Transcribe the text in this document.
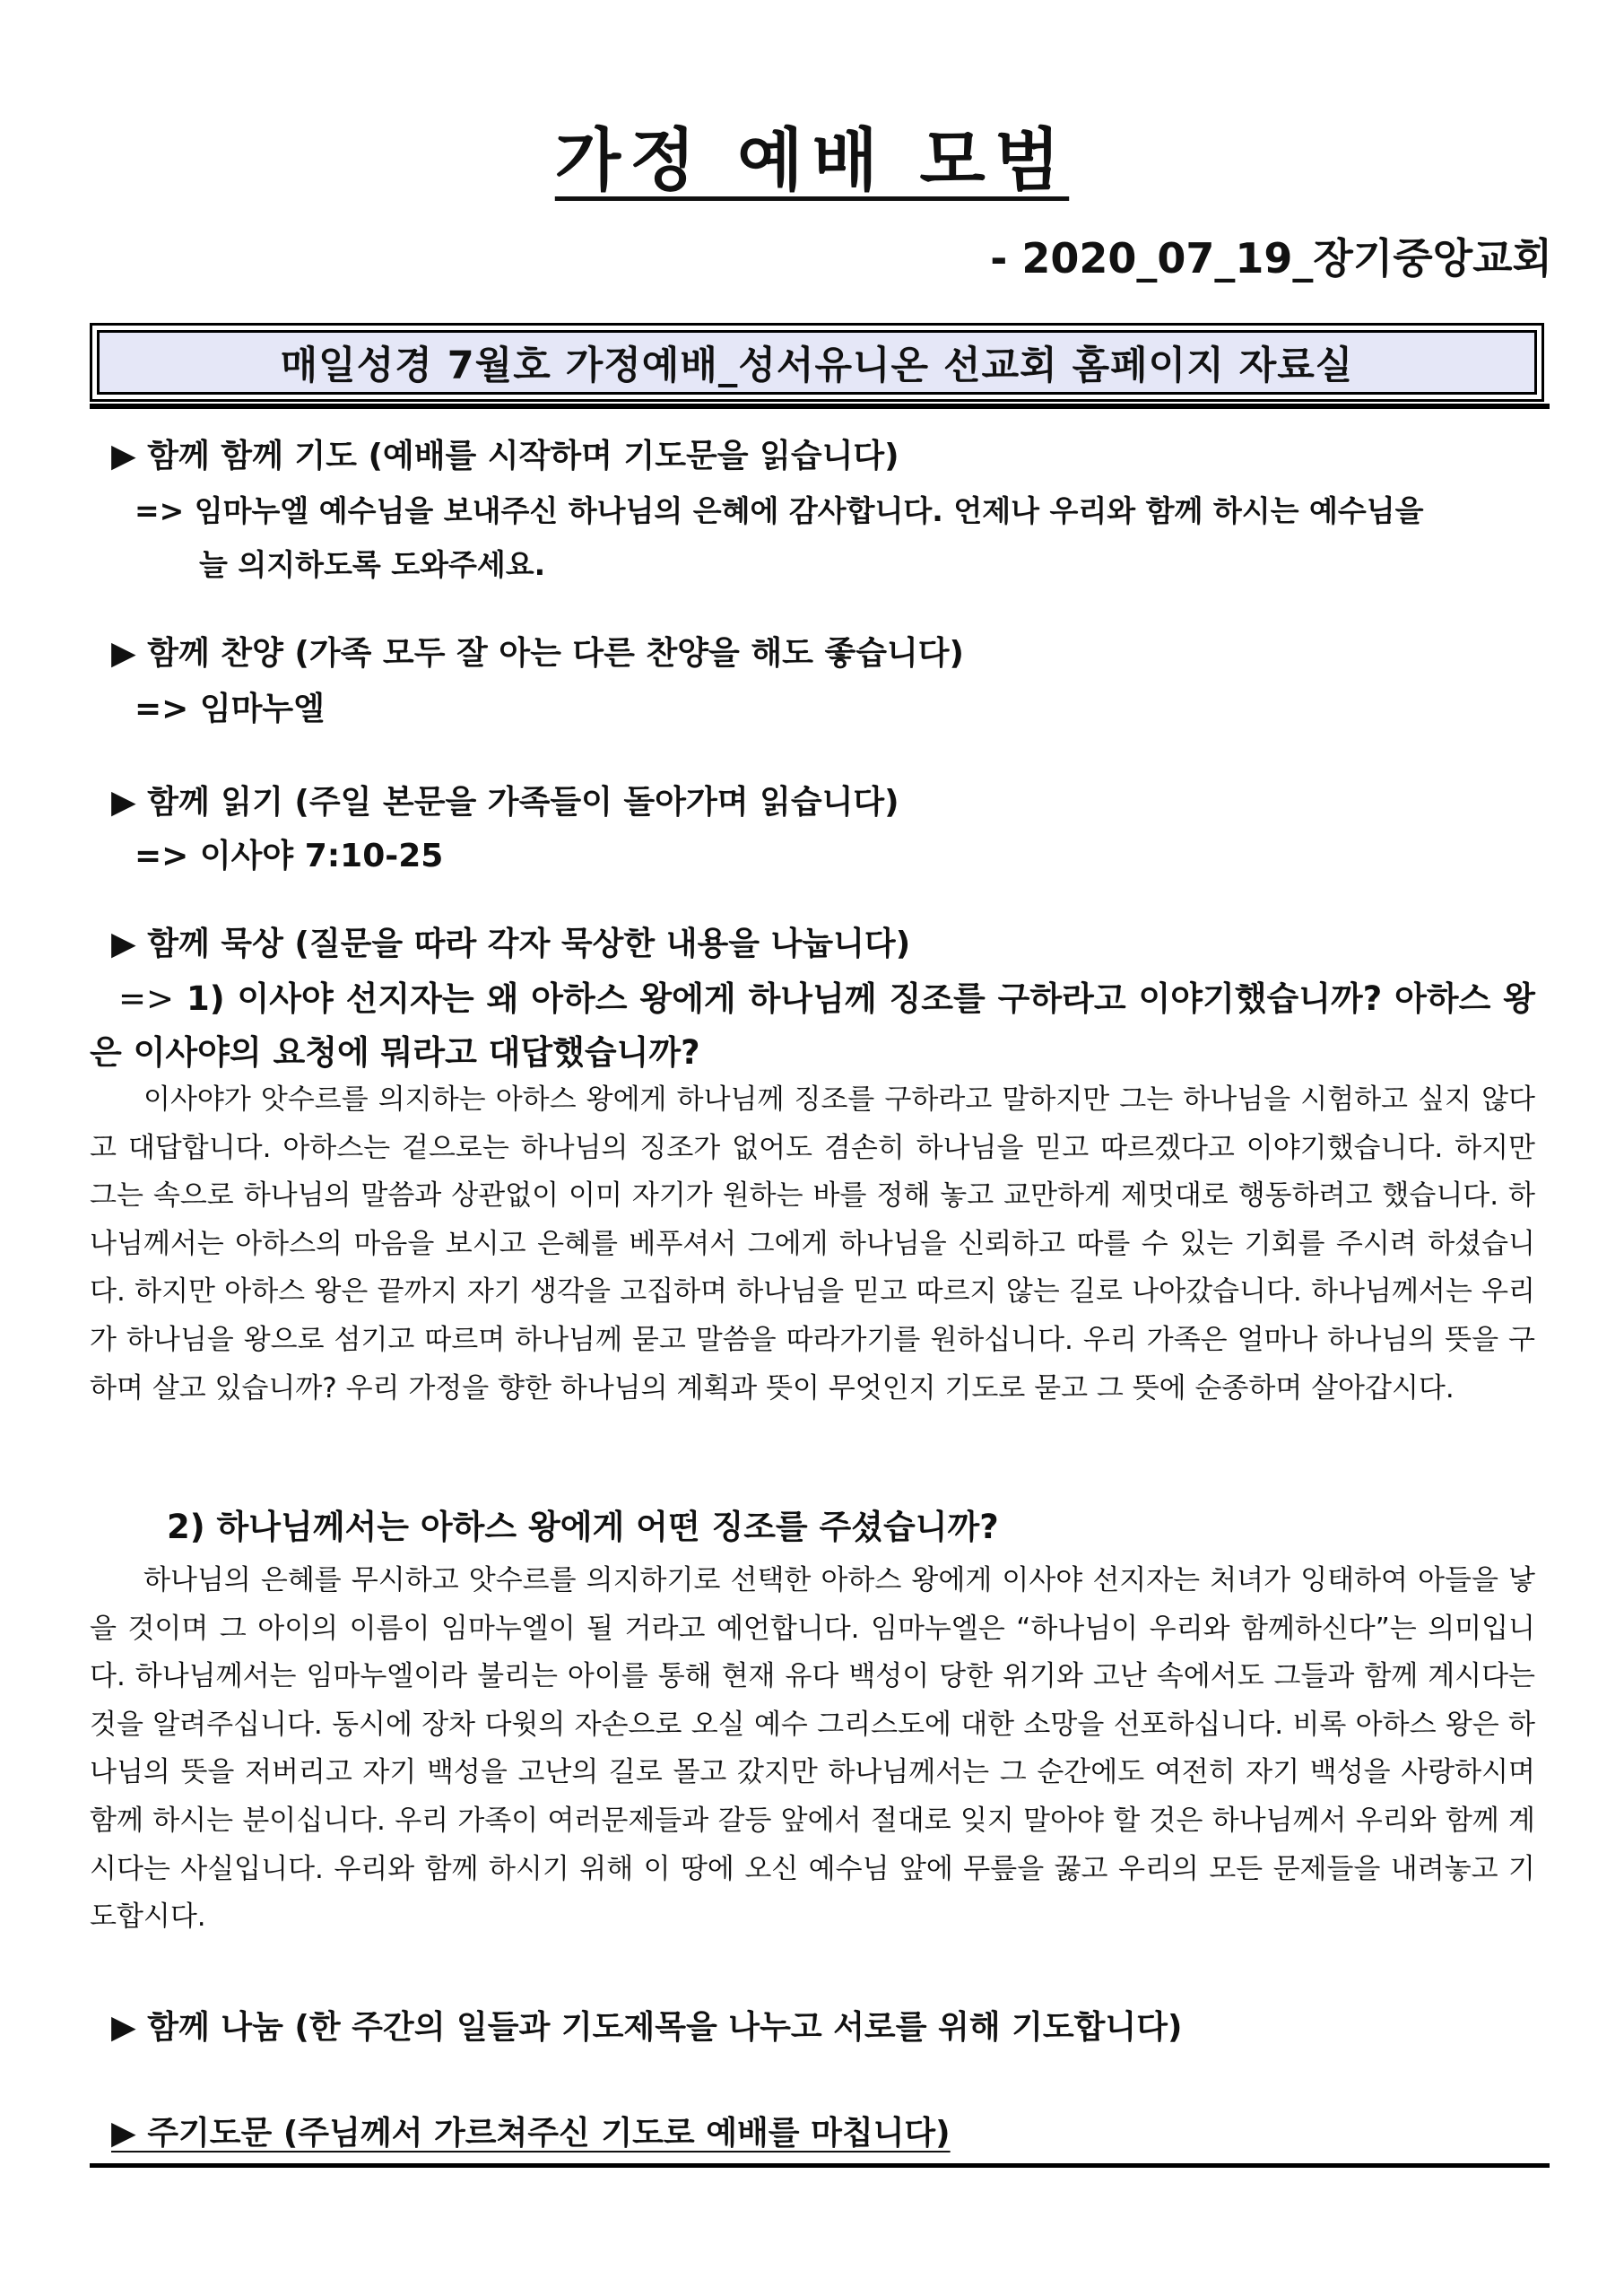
가정 예배 모범
- 2020_07_19_장기중앙교회
매일성경 7월호 가정예배_성서유니온 선교회 홈페이지 자료실
▶ 함께 함께 기도 (예배를 시작하며 기도문을 읽습니다)
=> 임마누엘 예수님을 보내주신 하나님의 은혜에 감사합니다. 언제나 우리와 함께 하시는 예수님을
늘 의지하도록 도와주세요.
▶ 함께 찬양 (가족 모두 잘 아는 다른 찬양을 해도 좋습니다)
=> 임마누엘
▶ 함께 읽기 (주일 본문을 가족들이 돌아가며 읽습니다)
=> 이사야 7:10-25
▶ 함께 묵상 (질문을 따라 각자 묵상한 내용을 나눕니다)
=> 1) 이사야 선지자는 왜 아하스 왕에게 하나님께 징조를 구하라고 이야기했습니까? 아하스 왕은 이사야의 요청에 뭐라고 대답했습니까?
이사야가 앗수르를 의지하는 아하스 왕에게 하나님께 징조를 구하라고 말하지만 그는 하나님을 시험하고 싶지 않다고 대답합니다. 아하스는 겉으로는 하나님의 징조가 없어도 겸손히 하나님을 믿고 따르겠다고 이야기했습니다. 하지만 그는 속으로 하나님의 말씀과 상관없이 이미 자기가 원하는 바를 정해 놓고 교만하게 제멋대로 행동하려고 했습니다. 하나님께서는 아하스의 마음을 보시고 은혜를 베푸셔서 그에게 하나님을 신뢰하고 따를 수 있는 기회를 주시려 하셨습니다. 하지만 아하스 왕은 끝까지 자기 생각을 고집하며 하나님을 믿고 따르지 않는 길로 나아갔습니다. 하나님께서는 우리가 하나님을 왕으로 섬기고 따르며 하나님께 묻고 말씀을 따라가기를 원하십니다. 우리 가족은 얼마나 하나님의 뜻을 구하며 살고 있습니까? 우리 가정을 향한 하나님의 계획과 뜻이 무엇인지 기도로 묻고 그 뜻에 순종하며 살아갑시다.
2) 하나님께서는 아하스 왕에게 어떤 징조를 주셨습니까?
하나님의 은혜를 무시하고 앗수르를 의지하기로 선택한 아하스 왕에게 이사야 선지자는 처녀가 잉태하여 아들을 낳을 것이며 그 아이의 이름이 임마누엘이 될 거라고 예언합니다. 임마누엘은 “하나님이 우리와 함께하신다”는 의미입니다. 하나님께서는 임마누엘이라 불리는 아이를 통해 현재 유다 백성이 당한 위기와 고난 속에서도 그들과 함께 계시다는 것을 알려주십니다. 동시에 장차 다윗의 자손으로 오실 예수 그리스도에 대한 소망을 선포하십니다. 비록 아하스 왕은 하나님의 뜻을 저버리고 자기 백성을 고난의 길로 몰고 갔지만 하나님께서는 그 순간에도 여전히 자기 백성을 사랑하시며 함께 하시는 분이십니다. 우리 가족이 여러문제들과 갈등 앞에서 절대로 잊지 말아야 할 것은 하나님께서 우리와 함께 계시다는 사실입니다. 우리와 함께 하시기 위해 이 땅에 오신 예수님 앞에 무릎을 꿇고 우리의 모든 문제들을 내려놓고 기도합시다.
▶ 함께 나눔 (한 주간의 일들과 기도제목을 나누고 서로를 위해 기도합니다)
▶ 주기도문 (주님께서 가르쳐주신 기도로 예배를 마칩니다)
